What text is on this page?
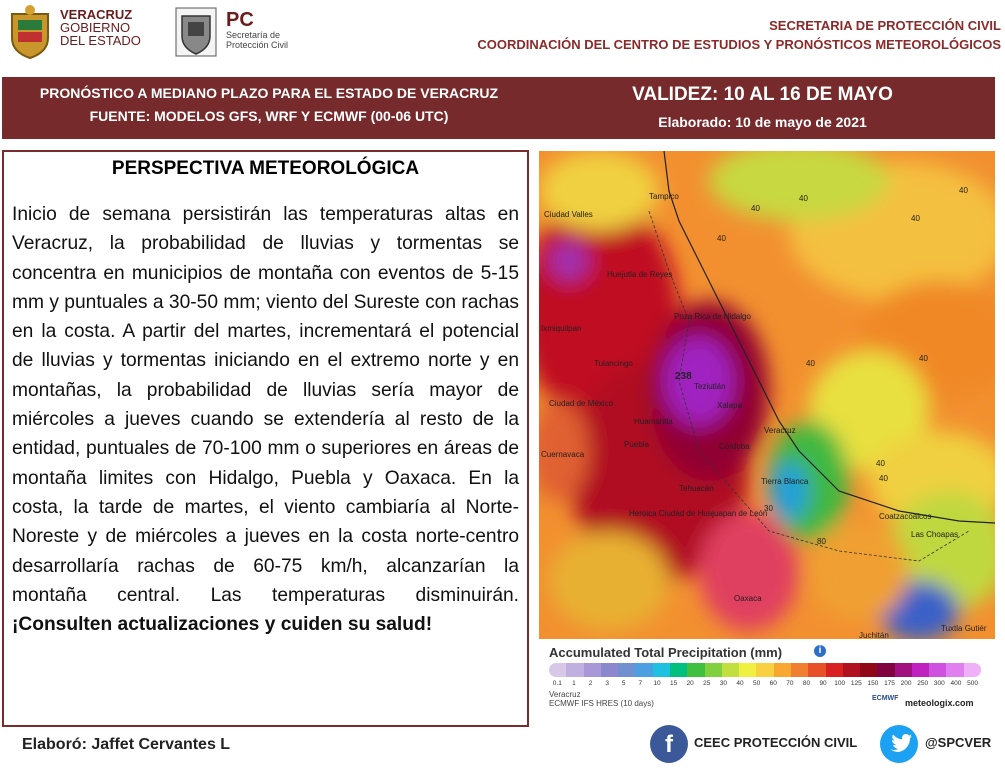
VERACRUZ
GOBIERNO
DEL ESTADO
PC
Secretaría de
Protección Civil
SECRETARIA DE PROTECCIÓN CIVIL
COORDINACIÓN DEL CENTRO DE ESTUDIOS Y PRONÓSTICOS METEOROLÓGICOS
PRONÓSTICO A MEDIANO PLAZO PARA EL ESTADO DE VERACRUZ
FUENTE: MODELOS GFS, WRF Y ECMWF (00-06 UTC)
VALIDEZ: 10 AL 16 DE MAYO
Elaborado: 10 de mayo de 2021
PERSPECTIVA METEOROLÓGICA
Inicio de semana persistirán las temperaturas altas en Veracruz, la probabilidad de lluvias y tormentas se concentra en municipios de montaña con eventos de 5-15 mm y puntuales a 30-50 mm; viento del Sureste con rachas en la costa. A partir del martes, incrementará el potencial de lluvias y tormentas iniciando en el extremo norte y en montañas, la probabilidad de lluvias sería mayor de miércoles a jueves cuando se extendería al resto de la entidad, puntuales de 70-100 mm o superiores en áreas de montaña limites con Hidalgo, Puebla y Oaxaca. En la costa, la tarde de martes, el viento cambiaría al Norte-Noreste y de miércoles a jueves en la costa norte-centro desarrollaría rachas de 60-75 km/h, alcanzarían la montaña central. Las temperaturas disminuirán. ¡Consulten actualizaciones y cuiden su salud!
Tampico
Ciudad Valles
Huejutla de Reyes
Poza Rica de Hidalgo
Ixmiquilpan
Tulancingo
Teziutlán
Xalapa
Ciudad de México
Huamantla
Veracruz
Puebla	Córdoba
Cuernavaca
Tehuacán
Tierra Blanca
Heroica Ciudad de Huajuapan de León	Coatzacoalcos
Las Choapas
Oaxaca
Tuxtla Gutiér
Juchitán
40
40
40
40
40
40
40
40
40
238
80
30
Accumulated Total Precipitation (mm)	i
0.1	1	2	3	5	7	10	15	20	25	30	40	50	60	70	80	90	100 125 150 175 200 250 300 400 500
Veracruz
ECMWF IFS HRES (10 days)
ECMWF meteologix.com
Elaboró: Jaffet Cervantes L	f	CEEC PROTECCIÓN CIVIL	@SPCVER
